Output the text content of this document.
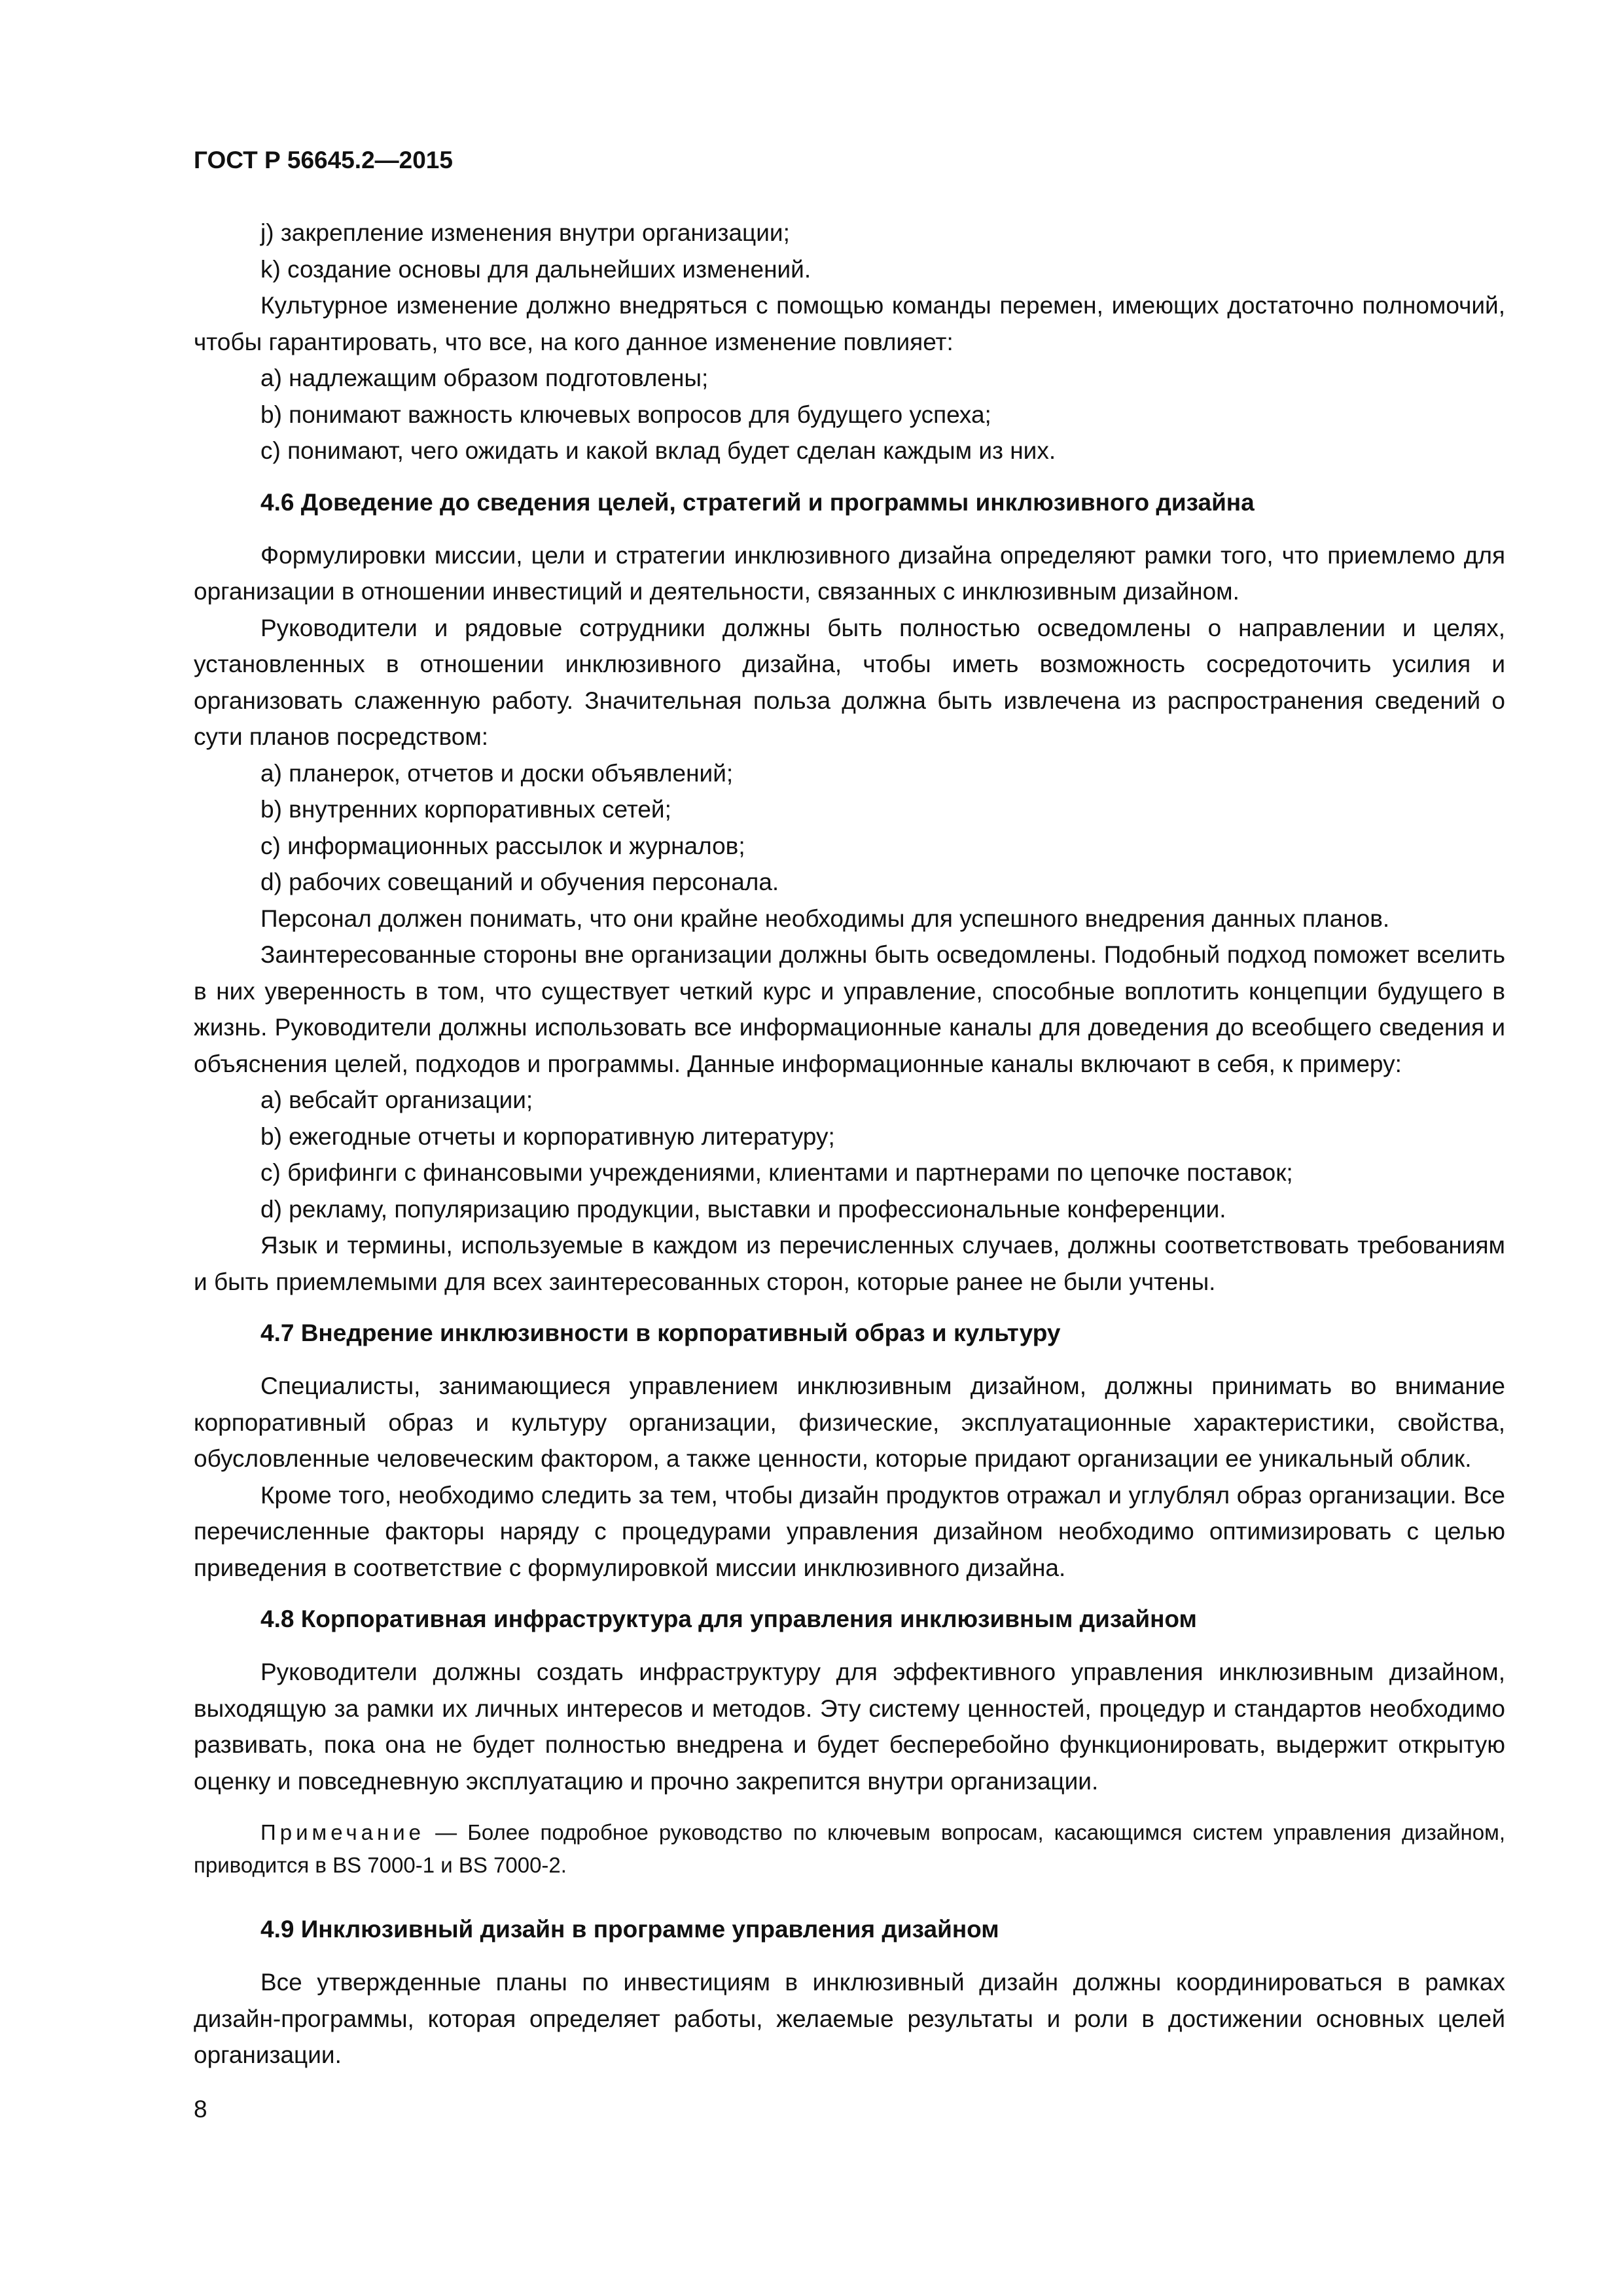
ГОСТ Р 56645.2—2015

j) закрепление изменения внутри организации;

k) создание основы для дальнейших изменений.

Культурное изменение должно внедряться с помощью команды перемен, имеющих достаточно полномочий, чтобы гарантировать, что все, на кого данное изменение повлияет:

a) надлежащим образом подготовлены;

b) понимают важность ключевых вопросов для будущего успеха;

c) понимают, чего ожидать и какой вклад будет сделан каждым из них.

4.6 Доведение до сведения целей, стратегий и программы инклюзивного дизайна

Формулировки миссии, цели и стратегии инклюзивного дизайна определяют рамки того, что приемлемо для организации в отношении инвестиций и деятельности, связанных с инклюзивным дизайном.

Руководители и рядовые сотрудники должны быть полностью осведомлены о направлении и целях, установленных в отношении инклюзивного дизайна, чтобы иметь возможность сосредоточить усилия и организовать слаженную работу. Значительная польза должна быть извлечена из распространения сведений о сути планов посредством:

a) планерок, отчетов и доски объявлений;

b) внутренних корпоративных сетей;

c) информационных рассылок и журналов;

d) рабочих совещаний и обучения персонала.

Персонал должен понимать, что они крайне необходимы для успешного внедрения данных планов.

Заинтересованные стороны вне организации должны быть осведомлены. Подобный подход поможет вселить в них уверенность в том, что существует четкий курс и управление, способные воплотить концепции будущего в жизнь. Руководители должны использовать все информационные каналы для доведения до всеобщего сведения и объяснения целей, подходов и программы. Данные информационные каналы включают в себя, к примеру:

a) вебсайт организации;

b) ежегодные отчеты и корпоративную литературу;

c) брифинги с финансовыми учреждениями, клиентами и партнерами по цепочке поставок;

d) рекламу, популяризацию продукции, выставки и профессиональные конференции.

Язык и термины, используемые в каждом из перечисленных случаев, должны соответствовать требованиям и быть приемлемыми для всех заинтересованных сторон, которые ранее не были учтены.

4.7 Внедрение инклюзивности в корпоративный образ и культуру

Специалисты, занимающиеся управлением инклюзивным дизайном, должны принимать во внимание корпоративный образ и культуру организации, физические, эксплуатационные характеристики, свойства, обусловленные человеческим фактором, а также ценности, которые придают организации ее уникальный облик.

Кроме того, необходимо следить за тем, чтобы дизайн продуктов отражал и углублял образ организации. Все перечисленные факторы наряду с процедурами управления дизайном необходимо оптимизировать с целью приведения в соответствие с формулировкой миссии инклюзивного дизайна.

4.8 Корпоративная инфраструктура для управления инклюзивным дизайном

Руководители должны создать инфраструктуру для эффективного управления инклюзивным дизайном, выходящую за рамки их личных интересов и методов. Эту систему ценностей, процедур и стандартов необходимо развивать, пока она не будет полностью внедрена и будет бесперебойно функционировать, выдержит открытую оценку и повседневную эксплуатацию и прочно закрепится внутри организации.

Примечание — Более подробное руководство по ключевым вопросам, касающимся систем управления дизайном, приводится в BS 7000-1 и BS 7000-2.

4.9 Инклюзивный дизайн в программе управления дизайном

Все утвержденные планы по инвестициям в инклюзивный дизайн должны координироваться в рамках дизайн-программы, которая определяет работы, желаемые результаты и роли в достижении основных целей организации.

8
